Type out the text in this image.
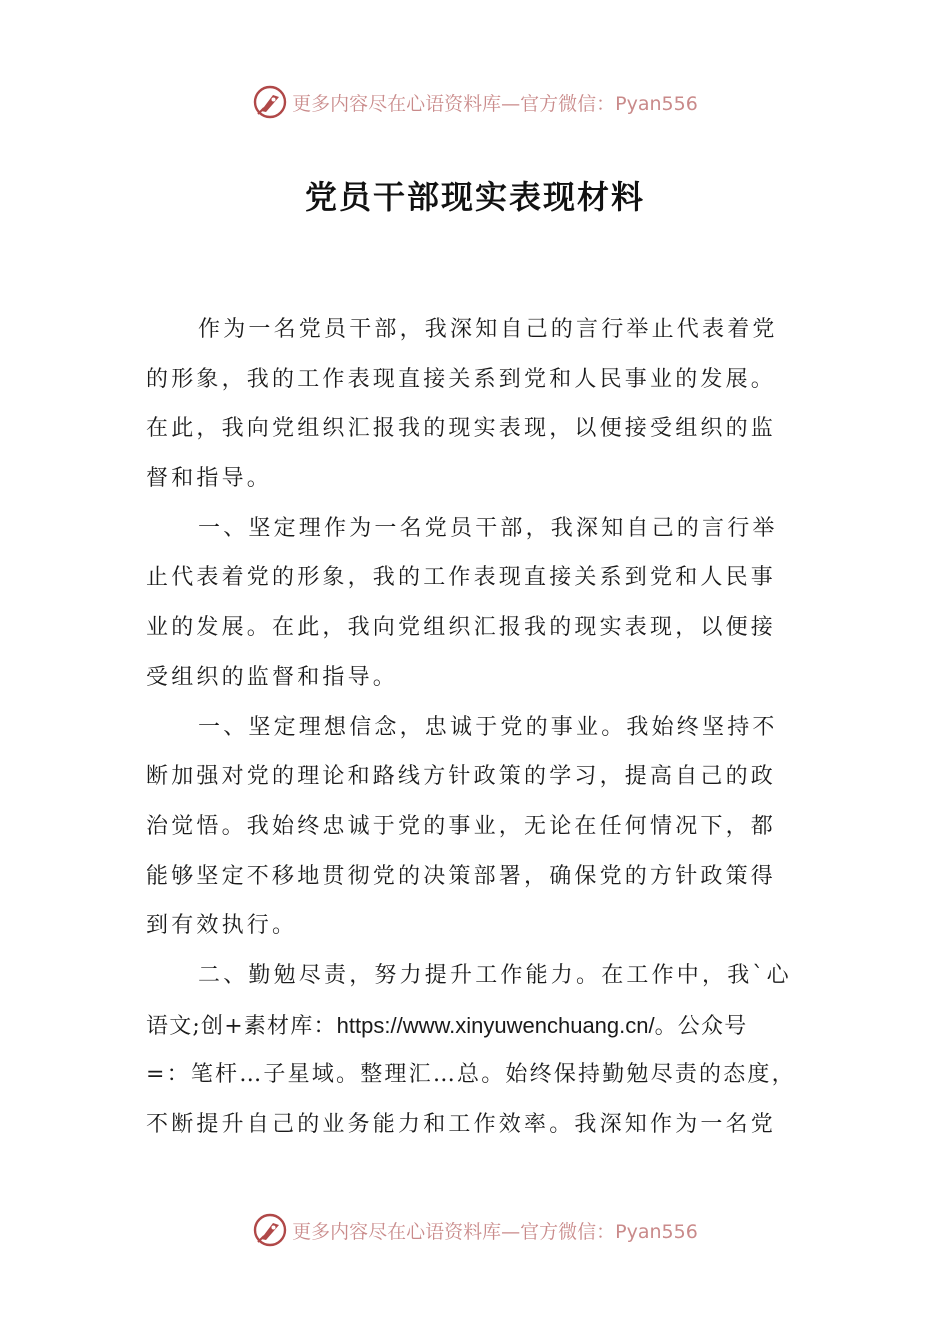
更多内容尽在心语资料库—官方微信：Pyan556
党员干部现实表现材料
作为一名党员干部，我深知自己的言行举止代表着党
的形象，我的工作表现直接关系到党和人民事业的发展。
在此，我向党组织汇报我的现实表现，以便接受组织的监
督和指导。
一、坚定理作为一名党员干部，我深知自己的言行举
止代表着党的形象，我的工作表现直接关系到党和人民事
业的发展。在此，我向党组织汇报我的现实表现，以便接
受组织的监督和指导。
一、坚定理想信念，忠诚于党的事业。我始终坚持不
断加强对党的理论和路线方针政策的学习，提高自己的政
治觉悟。我始终忠诚于党的事业，无论在任何情况下，都
能够坚定不移地贯彻党的决策部署，确保党的方针政策得
到有效执行。
二、勤勉尽责，努力提升工作能力。在工作中，我`心
语文;创+素材库：https://www.xinyuwenchuang.cn/。公众号
=：笔杆…子星域。整理汇…总。始终保持勤勉尽责的态度，
不断提升自己的业务能力和工作效率。我深知作为一名党
更多内容尽在心语资料库—官方微信：Pyan556
